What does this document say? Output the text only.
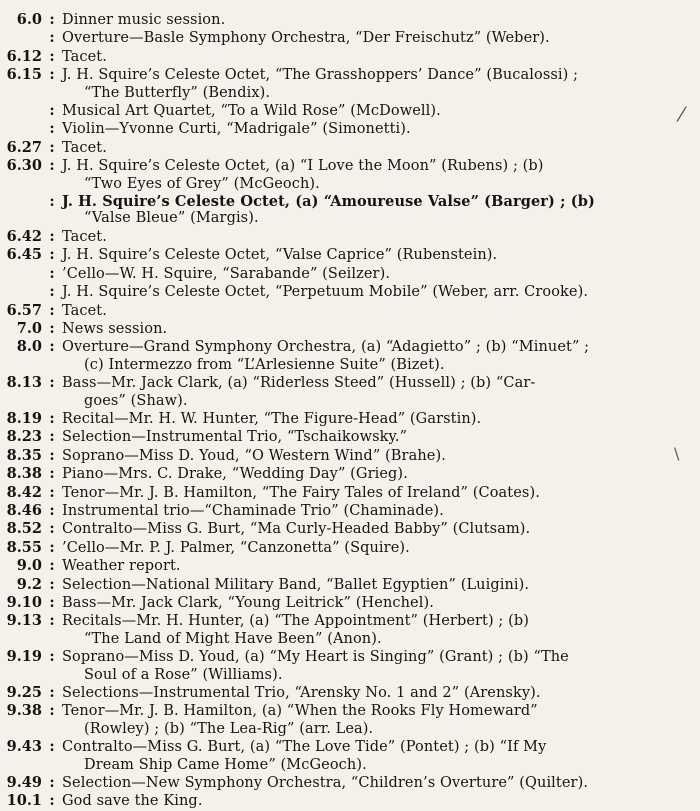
6.0 : Dinner music session.
: Overture—Basle Symphony Orchestra, “Der Freischutz” (Weber).
6.12 : Tacet.
6.15 : J. H. Squire’s Celeste Octet, “The Grasshoppers’ Dance” (Bucalossi) ;
“The Butterfly” (Bendix).
: Musical Art Quartet, “To a Wild Rose” (McDowell).
: Violin—Yvonne Curti, “Madrigale” (Simonetti).
6.27 : Tacet.
6.30 : J. H. Squire’s Celeste Octet, (a) “I Love the Moon” (Rubens) ; (b)
“Two Eyes of Grey” (McGeoch).
: J. H. Squire’s Celeste Octet, (a) “Amoureuse Valse” (Barger) ; (b)
“Valse Bleue” (Margis).
6.42 : Tacet.
6.45 : J. H. Squire’s Celeste Octet, “Valse Caprice” (Rubenstein).
: ’Cello—W. H. Squire, “Sarabande” (Seilzer).
: J. H. Squire’s Celeste Octet, “Perpetuum Mobile” (Weber, arr. Crooke).
6.57 : Tacet.
7.0 : News session.
8.0 : Overture—Grand Symphony Orchestra, (a) “Adagietto” ; (b) “Minuet” ;
(c) Intermezzo from “L’Arlesienne Suite” (Bizet).
8.13 : Bass—Mr. Jack Clark, (a) “Riderless Steed” (Hussell) ; (b) “Car-
goes” (Shaw).
8.19 : Recital—Mr. H. W. Hunter, “The Figure-Head” (Garstin).
8.23 : Selection—Instrumental Trio, “Tschaikowsky.”
8.35 : Soprano—Miss D. Youd, “O Western Wind” (Brahe).
8.38 : Piano—Mrs. C. Drake, “Wedding Day” (Grieg).
8.42 : Tenor—Mr. J. B. Hamilton, “The Fairy Tales of Ireland” (Coates).
8.46 : Instrumental trio—“Chaminade Trio” (Chaminade).
8.52 : Contralto—Miss G. Burt, “Ma Curly-Headed Babby” (Clutsam).
8.55 : ’Cello—Mr. P. J. Palmer, “Canzonetta” (Squire).
9.0 : Weather report.
9.2 : Selection—National Military Band, “Ballet Egyptien” (Luigini).
9.10 : Bass—Mr. Jack Clark, “Young Leitrick” (Henchel).
9.13 : Recitals—Mr. H. Hunter, (a) “The Appointment” (Herbert) ; (b)
“The Land of Might Have Been” (Anon).
9.19 : Soprano—Miss D. Youd, (a) “My Heart is Singing” (Grant) ; (b) “The
Soul of a Rose” (Williams).
9.25 : Selections—Instrumental Trio, “Arensky No. 1 and 2” (Arensky).
9.38 : Tenor—Mr. J. B. Hamilton, (a) “When the Rooks Fly Homeward”
(Rowley) ; (b) “The Lea-Rig” (arr. Lea).
9.43 : Contralto—Miss G. Burt, (a) “The Love Tide” (Pontet) ; (b) “If My
Dream Ship Came Home” (McGeoch).
9.49 : Selection—New Symphony Orchestra, “Children’s Overture” (Quilter).
10.1 : God save the King.
⁄
\
